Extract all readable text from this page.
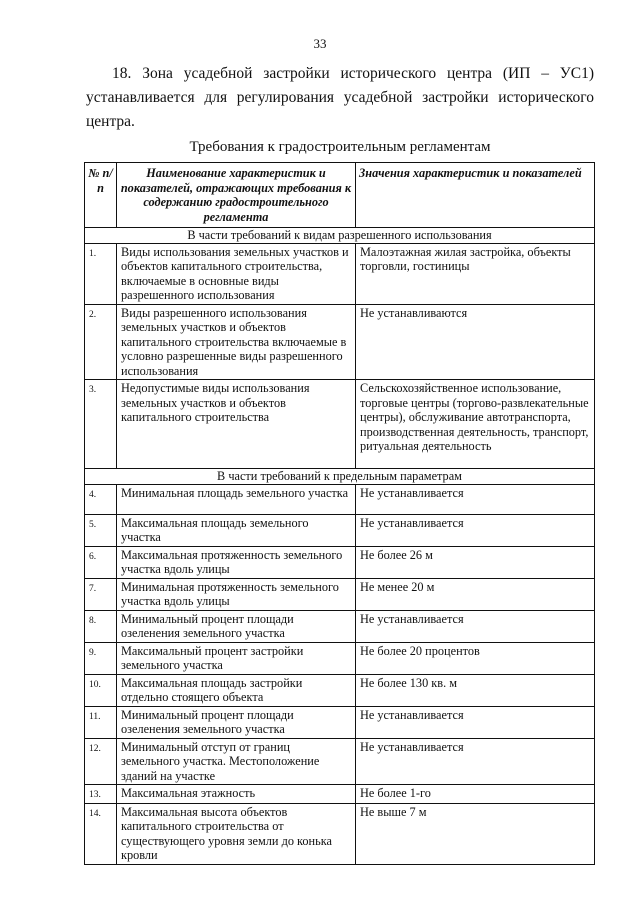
33
18. Зона усадебной застройки исторического центра (ИП – УС1) устанавливается для регулирования усадебной застройки исторического центра.
Требования к градостроительным регламентам
№ п/п	Наименование характеристик и показателей, отражающих требования к содержанию градостроительного регламента	Значения характеристик и показателей
В части требований к видам разрешенного использования		
1.	Виды использования земельных участков и объектов капитального строительства, включаемые в основные виды разрешенного использования	Малоэтажная жилая застройка, объекты торговли, гостиницы
2.	Виды разрешенного использования земельных участков и объектов капитального строительства включаемые в условно разрешенные виды разрешенного использования	Не устанавливаются
3.	Недопустимые виды использования земельных участков и объектов капитального строительства	Сельскохозяйственное использование, торговые центры (торгово-развлекательные центры), обслуживание автотранспорта, производственная деятельность, транспорт, ритуальная деятельность
В части требований к предельным параметрам		
4.	Минимальная площадь земельного участка	Не устанавливается
5.	Максимальная площадь земельного участка	Не устанавливается
6.	Максимальная протяженность земельного участка вдоль улицы	Не более 26 м
7.	Минимальная протяженность земельного участка вдоль улицы	Не менее 20 м
8.	Минимальный процент площади озеленения земельного участка	Не устанавливается
9.	Максимальный процент застройки земельного участка	Не более 20 процентов
10.	Максимальная площадь застройки отдельно стоящего объекта	Не более 130 кв. м
11.	Минимальный процент площади озеленения земельного участка	Не устанавливается
12.	Минимальный отступ от границ земельного участка. Местоположение зданий на участке	Не устанавливается
13.	Максимальная этажность	Не более 1-го
14.	Максимальная высота объектов капитального строительства от существующего уровня земли до конька кровли	Не выше 7 м
